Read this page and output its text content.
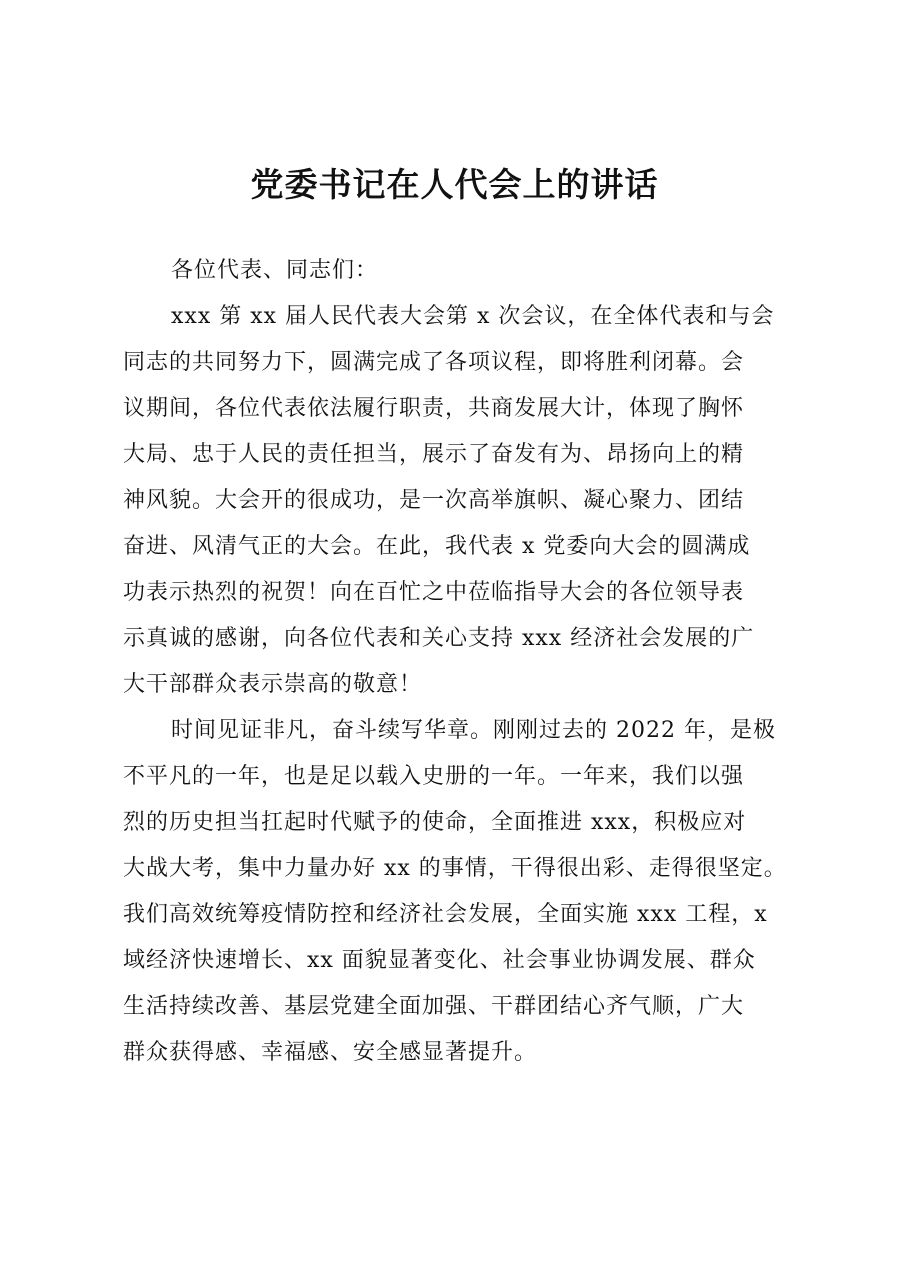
党委书记在人代会上的讲话
各位代表、同志们：
xxx 第 xx 届人民代表大会第 x 次会议，在全体代表和与会
同志的共同努力下，圆满完成了各项议程，即将胜利闭幕。会
议期间，各位代表依法履行职责，共商发展大计，体现了胸怀
大局、忠于人民的责任担当，展示了奋发有为、昂扬向上的精
神风貌。大会开的很成功，是一次高举旗帜、凝心聚力、团结
奋进、风清气正的大会。在此，我代表 x 党委向大会的圆满成
功表示热烈的祝贺！向在百忙之中莅临指导大会的各位领导表
示真诚的感谢，向各位代表和关心支持 xxx 经济社会发展的广
大干部群众表示崇高的敬意！
时间见证非凡，奋斗续写华章。刚刚过去的 2022 年，是极
不平凡的一年，也是足以载入史册的一年。一年来，我们以强
烈的历史担当扛起时代赋予的使命，全面推进 xxx，积极应对
大战大考，集中力量办好 xx 的事情，干得很出彩、走得很坚定。
我们高效统筹疫情防控和经济社会发展，全面实施 xxx 工程，x
域经济快速增长、xx 面貌显著变化、社会事业协调发展、群众
生活持续改善、基层党建全面加强、干群团结心齐气顺，广大
群众获得感、幸福感、安全感显著提升。
